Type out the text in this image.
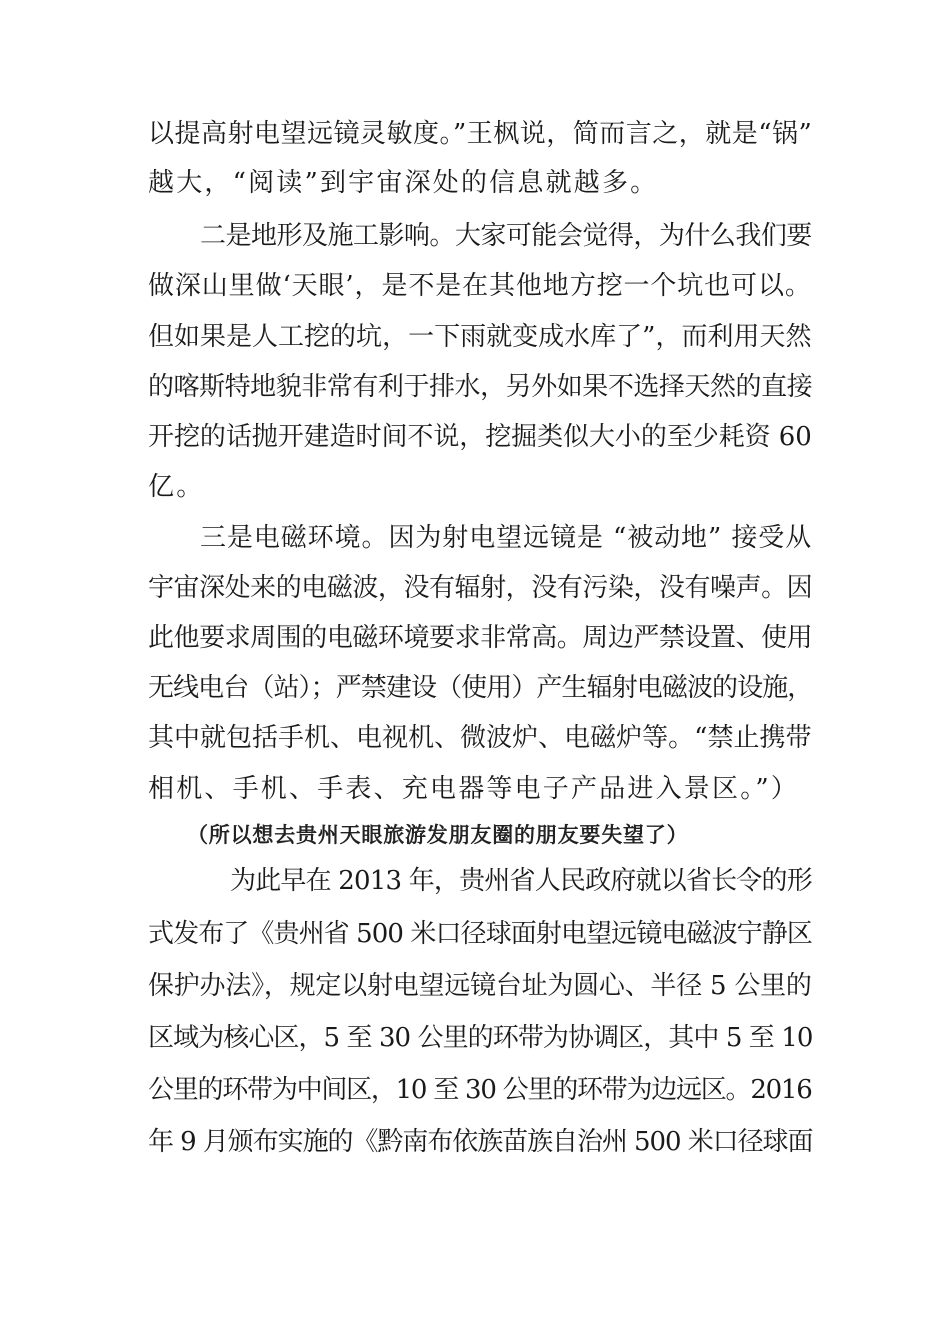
以提高射电望远镜灵敏度。”王枫说，简而言之，就是“锅”
越大，“阅读”到宇宙深处的信息就越多。
二是地形及施工影响。大家可能会觉得，为什么我们要
做深山里做‘天眼’，是不是在其他地方挖一个坑也可以。
但如果是人工挖的坑，一下雨就变成水库了”，而利用天然
的喀斯特地貌非常有利于排水，另外如果不选择天然的直接
开挖的话抛开建造时间不说，挖掘类似大小的至少耗资 60
亿。
三是电磁环境。因为射电望远镜是 “被动地” 接受从
宇宙深处来的电磁波，没有辐射，没有污染，没有噪声。因
此他要求周围的电磁环境要求非常高。周边严禁设置、使用
无线电台（站）；严禁建设（使用）产生辐射电磁波的设施，
其中就包括手机、电视机、微波炉、电磁炉等。“禁止携带
相机、手机、手表、充电器等电子产品进入景区。”）
（所以想去贵州天眼旅游发朋友圈的朋友要失望了）
为此早在 2013 年，贵州省人民政府就以省长令的形
式发布了《贵州省 500 米口径球面射电望远镜电磁波宁静区
保护办法》，规定以射电望远镜台址为圆心、半径 5 公里的
区域为核心区，5 至 30 公里的环带为协调区，其中 5 至 10
公里的环带为中间区，10 至 30 公里的环带为边远区。2016
年 9 月颁布实施的《黔南布依族苗族自治州 500 米口径球面
